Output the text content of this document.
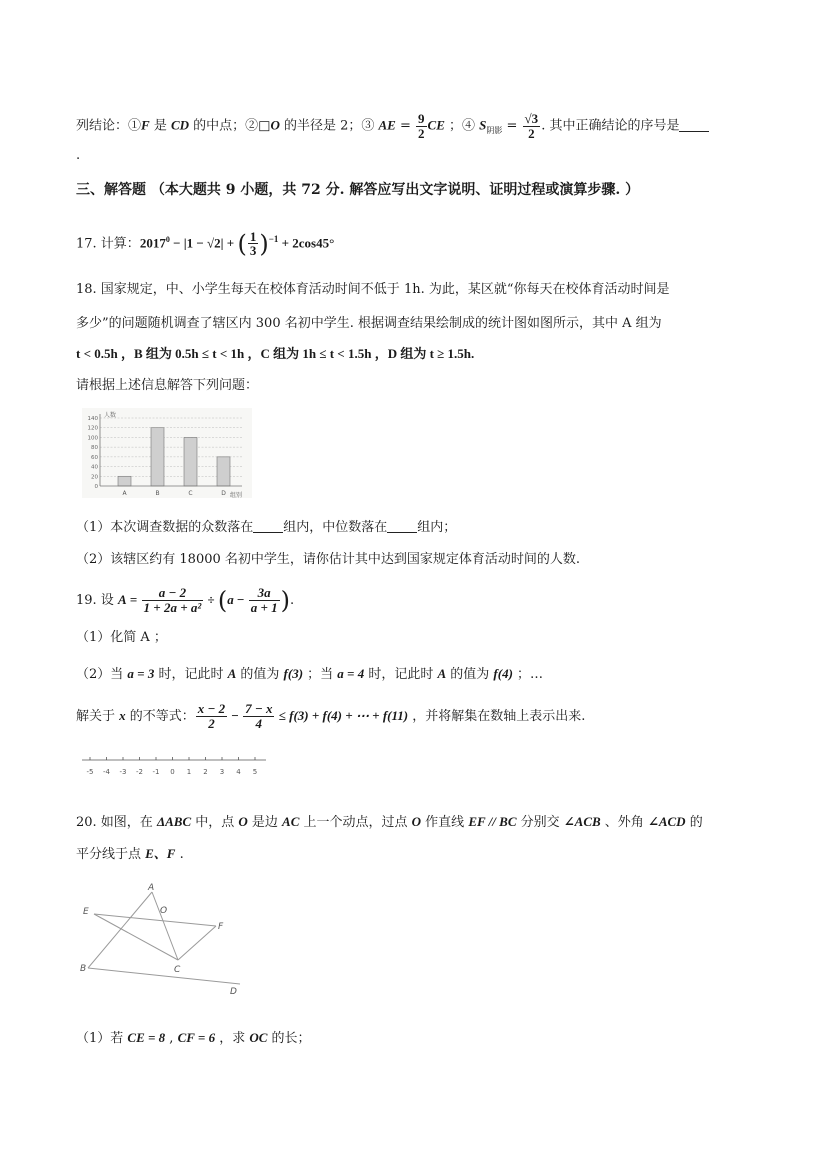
列结论：①F 是 CD 的中点；②□O 的半径是 2；③ AE = $\frac{9}{2}$ CE ；④ $S_{阴影} = \frac{√3}{2}$ . 其中正确结论的序号是
.
三、解答题 （本大题共 9 小题，共 72 分. 解答应写出文字说明、证明过程或演算步骤. ）
17. 计算：$2017^0 - |1 - √2|$ + ( $\frac{1}{3} )^{-1} + 2\cos 45^\circ$
18. 国家规定，中、小学生每天在校体育活动时间不低于 1h. 为此，某区就“你每天在校体育活动时间是
多少”的问题随机调查了辖区内 300 名初中学生. 根据调查结果绘制成的统计图如图所示，其中 A 组为
t < 0.5h ，B 组为 0.5h ≤ t < 1h ，C 组为 1h ≤ t < 1.5h ，D 组为 t ≥ 1.5h.
请根据上述信息解答下列问题：
0
20
40
60
80
100
120
140
A	B	C	D
人数
组别
（1）本次调查数据的众数落在 组内，中位数落在 组内；
（2）该辖区约有 18000 名初中学生，请你估计其中达到国家规定体育活动时间的人数.
19. 设 $A = \frac{a - 2}{\text{1 + 2a + a²}} \div (a - \frac{3a}{a + 1}$ ).
（1）化简 A ；
（2）当 a = 3 时，记此时 A 的值为 f(3) ；当 a = 4 时，记此时 A 的值为 f(4) ；…
解关于 x 的不等式： $\frac{x - 2}{2} - \frac{7 - x}{4} \le f(3) + f(4)$ + ⋯ + f(11) ，并将解集在数轴上表示出来.
-5 -4 -3 -2 -1 0 1 2 3 4 5
20. 如图，在 ΔABC 中，点 O 是边 AC 上一个动点，过点 O 作直线 EF // BC 分别交 ∠ACB 、外角 ∠ACD 的
平分线于点 E、F .
A
O
E
F
B	C
D
（1）若 CE = 8 , CF = 6 ，求 OC 的长；
